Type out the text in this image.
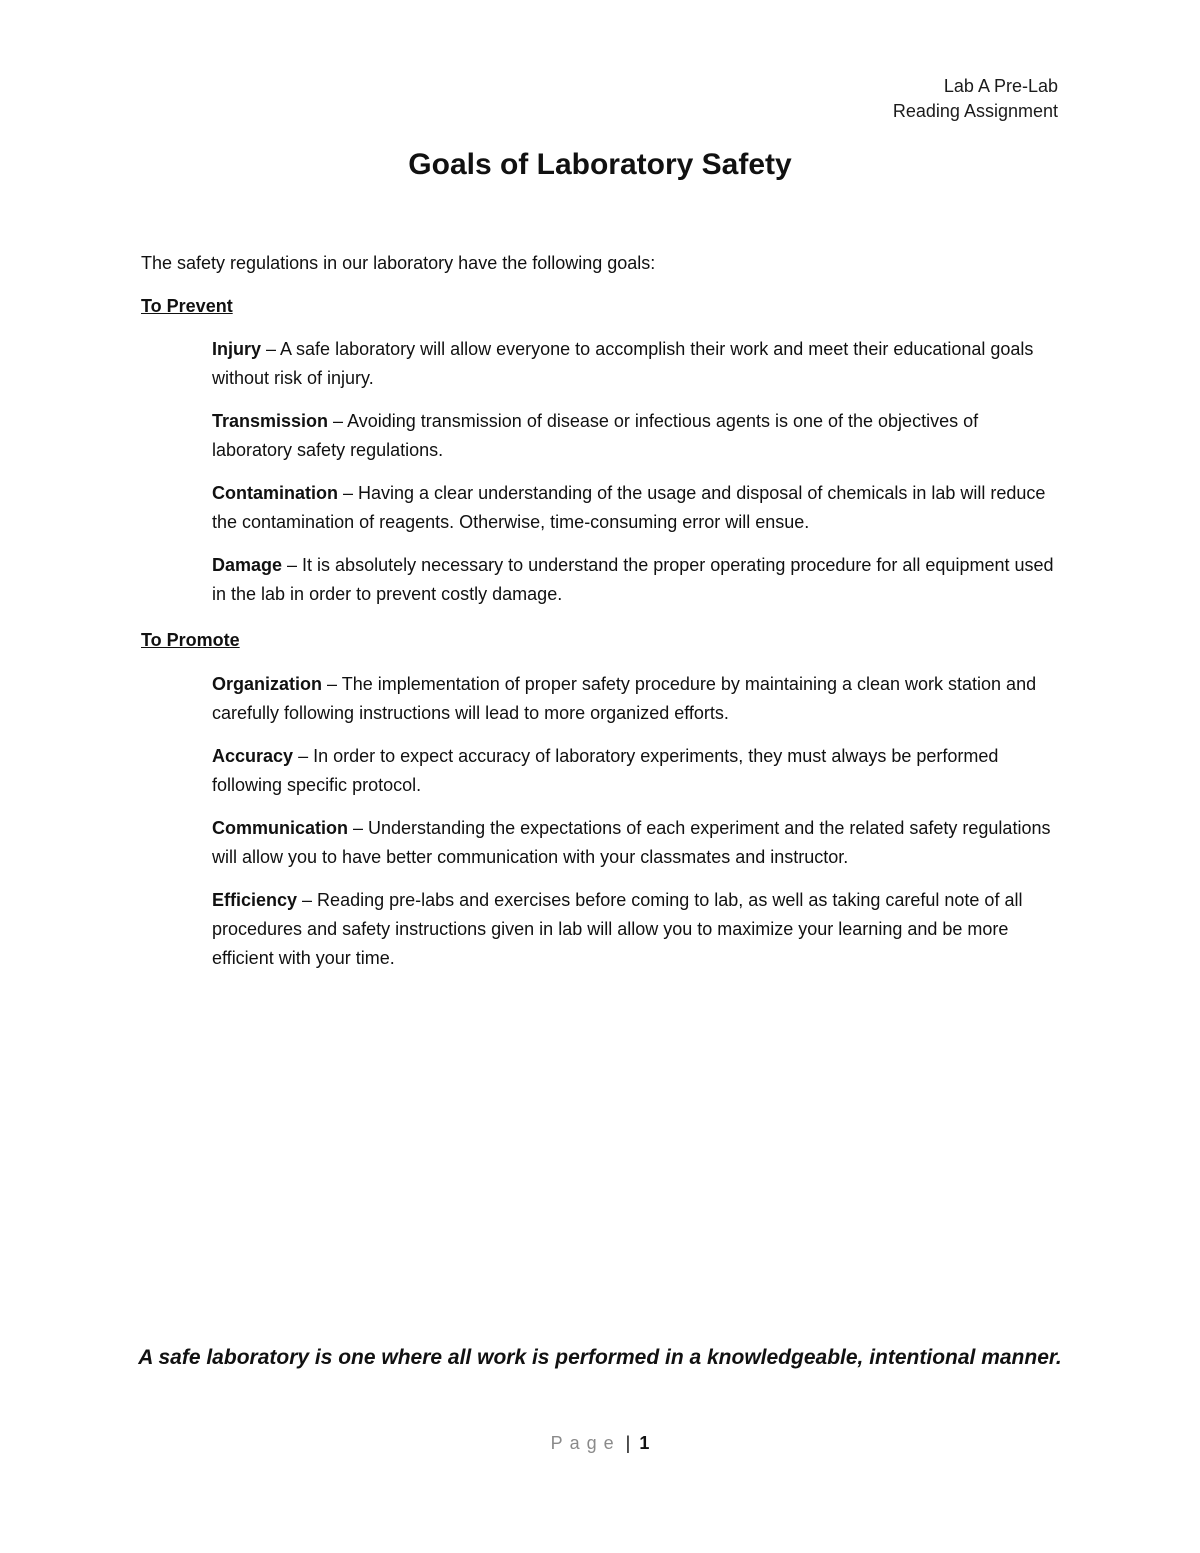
Lab A Pre-Lab
Reading Assignment
Goals of Laboratory Safety

The safety regulations in our laboratory have the following goals:

To Prevent
Injury – A safe laboratory will allow everyone to accomplish their work and meet their educational goals without risk of injury.
Transmission – Avoiding transmission of disease or infectious agents is one of the objectives of laboratory safety regulations.
Contamination – Having a clear understanding of the usage and disposal of chemicals in lab will reduce the contamination of reagents. Otherwise, time-consuming error will ensue.
Damage – It is absolutely necessary to understand the proper operating procedure for all equipment used in the lab in order to prevent costly damage.
To Promote
Organization – The implementation of proper safety procedure by maintaining a clean work station and carefully following instructions will lead to more organized efforts.
Accuracy – In order to expect accuracy of laboratory experiments, they must always be performed following specific protocol.
Communication – Understanding the expectations of each experiment and the related safety regulations will allow you to have better communication with your classmates and instructor.
Efficiency – Reading pre-labs and exercises before coming to lab, as well as taking careful note of all procedures and safety instructions given in lab will allow you to maximize your learning and be more efficient with your time.

A safe laboratory is one where all work is performed in a knowledgeable, intentional manner.

Page | 1
